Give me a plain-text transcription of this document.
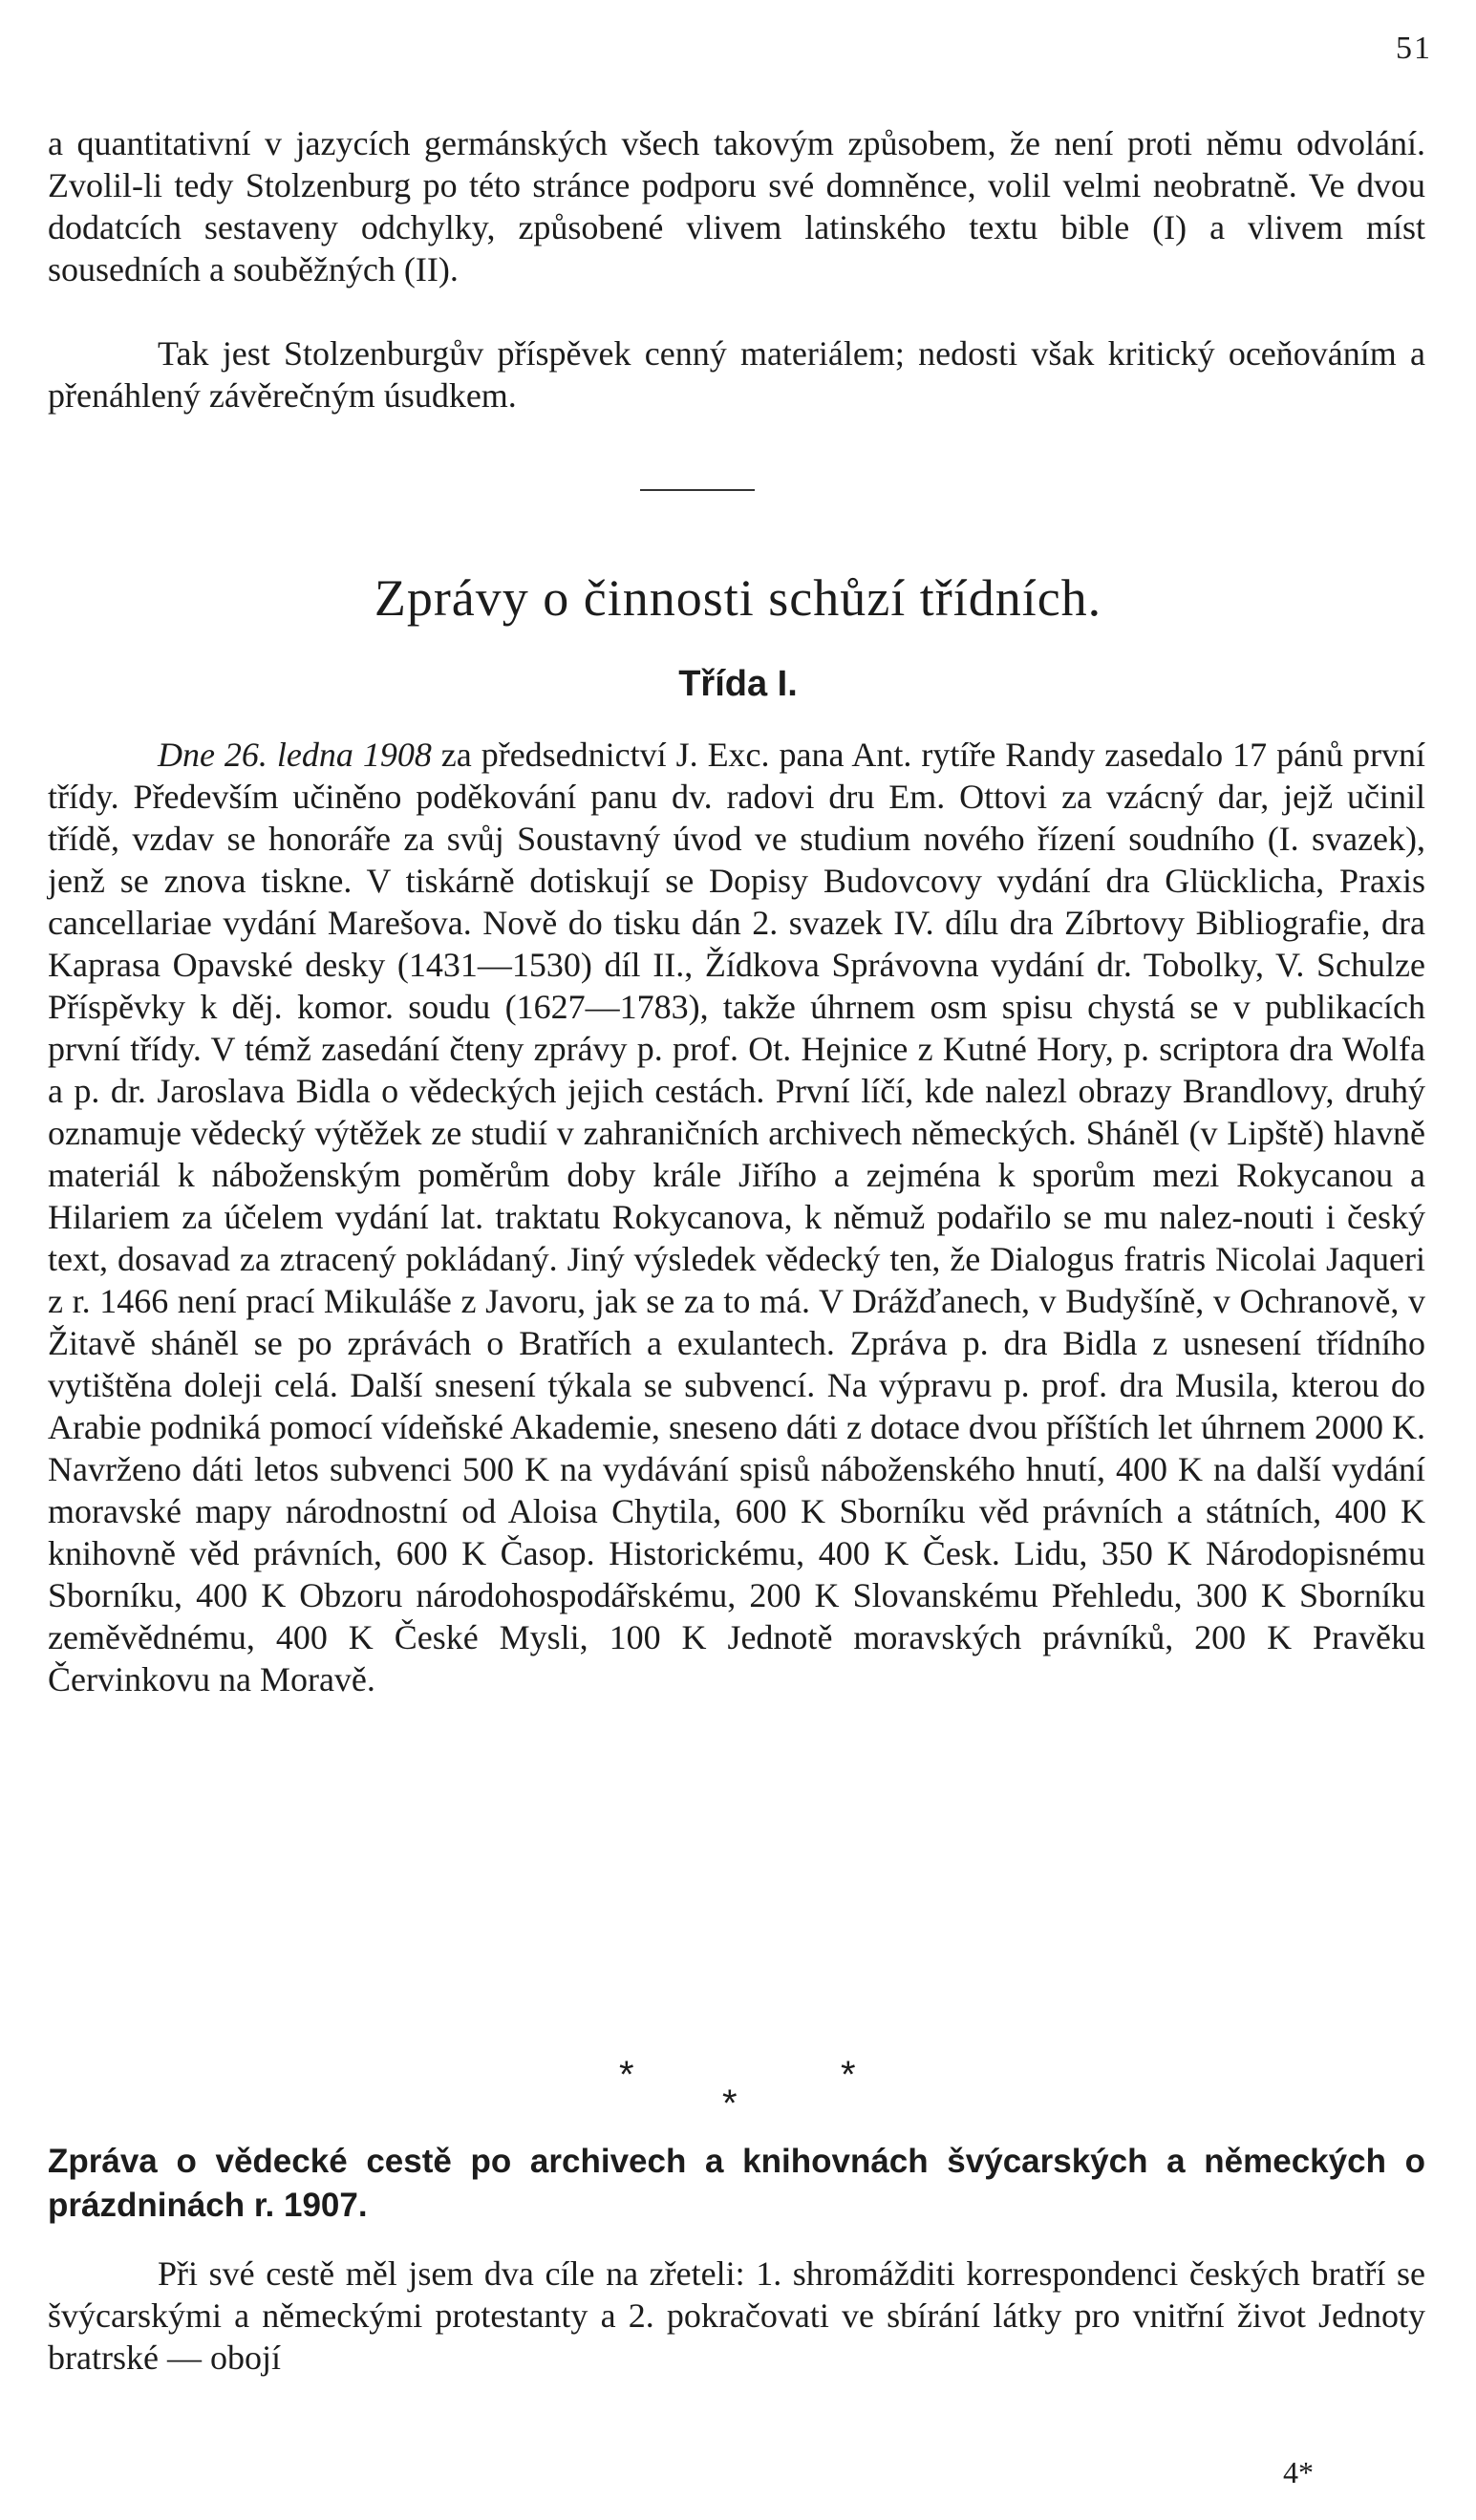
51

a quantitativní v jazycích germánských všech takovým způsobem, že není proti němu odvolání. Zvolil-li tedy Stolzenburg po této stránce podporu své domněnce, volil velmi neobratně. Ve dvou dodatcích sestaveny odchylky, způsobené vlivem latinského textu bible (I) a vlivem míst sousedních a souběžných (II).

Tak jest Stolzenburgův příspěvek cenný materiálem; nedosti však kritický oceňováním a přenáhlený závěrečným úsudkem.

Zprávy o činnosti schůzí třídních.
Třída I.

Dne 26. ledna 1908 za předsednictví J. Exc. pana Ant. rytíře Randy zasedalo 17 pánů první třídy. Především učiněno poděkování panu dv. radovi dru Em. Ottovi za vzácný dar, jejž učinil třídě, vzdav se honoráře za svůj Soustavný úvod ve studium nového řízení soudního (I. svazek), jenž se znova tiskne. V tiskárně dotiskují se Dopisy Budovcovy vydání dra Glücklicha, Praxis cancellariae vydání Marešova. Nově do tisku dán 2. svazek IV. dílu dra Zíbrtovy Bibliografie, dra Kaprasa Opavské desky (1431—1530) díl II., Žídkova Správovna vydání dr. Tobolky, V. Schulze Příspěvky k děj. komor. soudu (1627—1783), takže úhrnem osm spisu chystá se v publikacích první třídy. V témž zasedání čteny zprávy p. prof. Ot. Hejnice z Kutné Hory, p. scriptora dra Wolfa a p. dr. Jaroslava Bidla o vědeckých jejich cestách. První líčí, kde nalezl obrazy Brandlovy, druhý oznamuje vědecký výtěžek ze studií v zahraničních archivech německých. Sháněl (v Lipště) hlavně materiál k náboženským poměrům doby krále Jiřího a zejména k sporům mezi Rokycanou a Hilariem za účelem vydání lat. traktatu Rokycanova, k němuž podařilo se mu nalez-nouti i český text, dosavad za ztracený pokládaný. Jiný výsledek vědecký ten, že Dialogus fratris Nicolai Jaqueri z r. 1466 není prací Mikuláše z Javoru, jak se za to má. V Drážďanech, v Budyšíně, v Ochranově, v Žitavě sháněl se po zprávách o Bratřích a exulantech. Zpráva p. dra Bidla z usnesení třídního vytištěna doleji celá. Další snesení týkala se subvencí. Na výpravu p. prof. dra Musila, kterou do Arabie podniká pomocí vídeňské Akademie, sneseno dáti z dotace dvou příštích let úhrnem 2000 K. Navrženo dáti letos subvenci 500 K na vydávání spisů náboženského hnutí, 400 K na další vydání moravské mapy národnostní od Aloisa Chytila, 600 K Sborníku věd právních a státních, 400 K knihovně věd právních, 600 K Časop. Historickému, 400 K Česk. Lidu, 350 K Národopisnému Sborníku, 400 K Obzoru národohospodářskému, 200 K Slovanskému Přehledu, 300 K Sborníku zeměvědnému, 400 K České Mysli, 100 K Jednotě moravských právníků, 200 K Pravěku Červinkovu na Moravě.

*
*
*
Zpráva o vědecké cestě po archivech a knihovnách švýcarských a německých o prázdninách r. 1907.

Při své cestě měl jsem dva cíle na zřeteli: 1. shromážditi korrespondenci českých bratří se švýcarskými a německými protestanty a 2. pokračovati ve sbírání látky pro vnitřní život Jednoty bratrské — obojí

4*
